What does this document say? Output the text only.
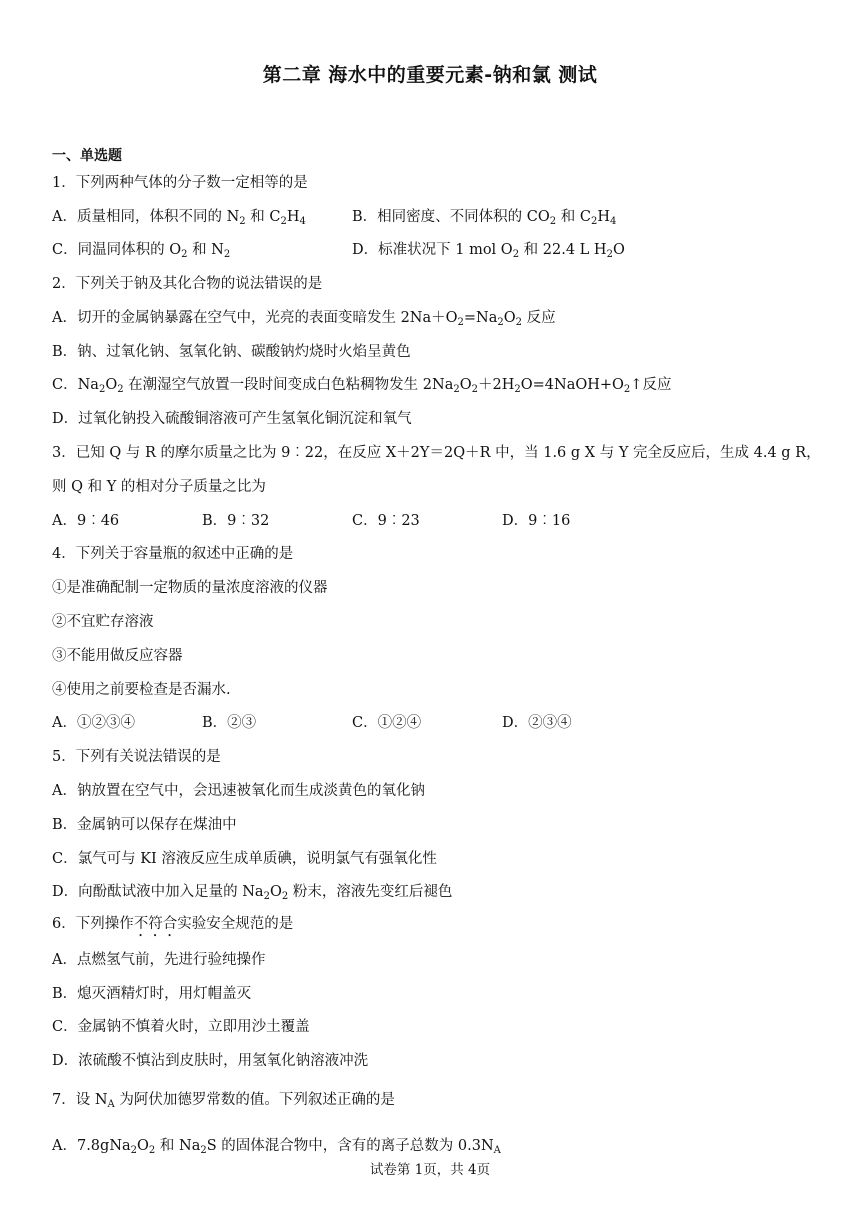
第二章 海水中的重要元素-钠和氯 测试
一、单选题
1．下列两种气体的分子数一定相等的是
A．质量相同，体积不同的 $N_2$ 和 $C_2H_4$	B．相同密度、不同体积的 $CO_2$ 和 $C_2H_4$
C．同温同体积的 $O_2$ 和 $N_2$	D．标准状况下 1 mol $O_2$ 和 22.4 L $H_2O$
2．下列关于钠及其化合物的说法错误的是
A．切开的金属钠暴露在空气中，光亮的表面变暗发生 $2Na+O_2=Na_2O_2$ 反应
B．钠、过氧化钠、氢氧化钠、碳酸钠灼烧时火焰呈黄色
C．$Na_2O_2$ 在潮湿空气放置一段时间变成白色粘稠物发生 $2Na_2O_2+2H_2O=4NaOH+O_2↑$反应
D．过氧化钠投入硫酸铜溶液可产生氢氧化铜沉淀和氧气
3．已知 Q 与 R 的摩尔质量之比为 9︰22，在反应 X＋2Y＝2Q＋R 中，当 1.6 g X 与 Y 完全反应后，生成 4.4 g R，
则 Q 和 Y 的相对分子质量之比为
A．9︰46	B．9︰32	C．9︰23	D．9︰16
4．下列关于容量瓶的叙述中正确的是
①是准确配制一定物质的量浓度溶液的仪器
②不宜贮存溶液
③不能用做反应容器
④使用之前要检查是否漏水.
A．①②③④	B．②③	C．①②④	D．②③④
5．下列有关说法错误的是
A．钠放置在空气中，会迅速被氧化而生成淡黄色的氧化钠
B．金属钠可以保存在煤油中
C．氯气可与 KI 溶液反应生成单质碘，说明氯气有强氧化性
D．向酚酞试液中加入足量的 $Na_2O_2$ 粉末，溶液先变红后褪色
6．下列操作不符合实验安全规范的是
A．点燃氢气前，先进行验纯操作
B．熄灭酒精灯时，用灯帽盖灭
C．金属钠不慎着火时，立即用沙土覆盖
D．浓硫酸不慎沾到皮肤时，用氢氧化钠溶液冲洗
7．设 $N_A$ 为阿伏加德罗常数的值。下列叙述正确的是
A．$7.8gNa_2O_2$ 和 $Na_2S$ 的固体混合物中，含有的离子总数为 $0.3N_A$
试卷第 1页，共 4页
